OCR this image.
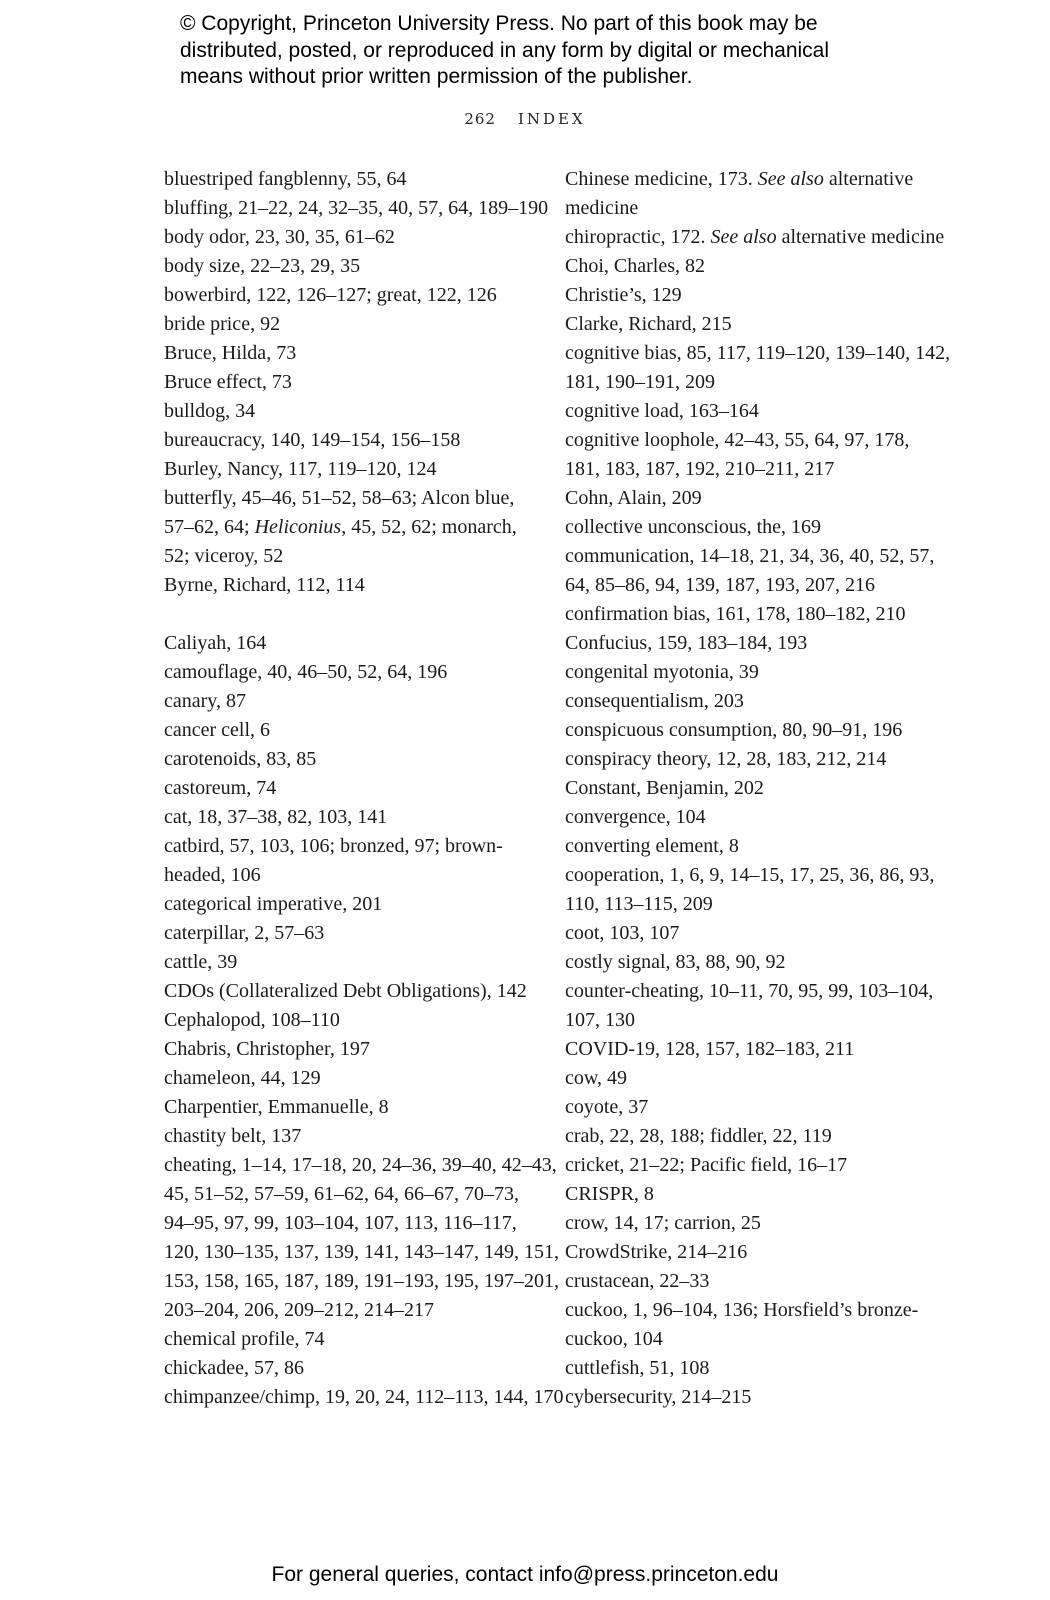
© Copyright, Princeton University Press. No part of this book may be
distributed, posted, or reproduced in any form by digital or mechanical
means without prior written permission of the publisher.
262 INDEX
bluestriped fangblenny, 55, 64
bluffing, 21–22, 24, 32–35, 40, 57, 64, 189–190
body odor, 23, 30, 35, 61–62
body size, 22–23, 29, 35
bowerbird, 122, 126–127; great, 122, 126
bride price, 92
Bruce, Hilda, 73
Bruce effect, 73
bulldog, 34
bureaucracy, 140, 149–154, 156–158
Burley, Nancy, 117, 119–120, 124
butterfly, 45–46, 51–52, 58–63; Alcon blue,
57–62, 64; Heliconius, 45, 52, 62; monarch,
52; viceroy, 52
Byrne, Richard, 112, 114
Caliyah, 164
camouflage, 40, 46–50, 52, 64, 196
canary, 87
cancer cell, 6
carotenoids, 83, 85
castoreum, 74
cat, 18, 37–38, 82, 103, 141
catbird, 57, 103, 106; bronzed, 97; brown-
headed, 106
categorical imperative, 201
caterpillar, 2, 57–63
cattle, 39
CDOs (Collateralized Debt Obligations), 142
Cephalopod, 108–110
Chabris, Christopher, 197
chameleon, 44, 129
Charpentier, Emmanuelle, 8
chastity belt, 137
cheating, 1–14, 17–18, 20, 24–36, 39–40, 42–43,
45, 51–52, 57–59, 61–62, 64, 66–67, 70–73,
94–95, 97, 99, 103–104, 107, 113, 116–117,
120, 130–135, 137, 139, 141, 143–147, 149, 151,
153, 158, 165, 187, 189, 191–193, 195, 197–201,
203–204, 206, 209–212, 214–217
chemical profile, 74
chickadee, 57, 86
chimpanzee/chimp, 19, 20, 24, 112–113, 144, 170
Chinese medicine, 173. See also alternative
medicine
chiropractic, 172. See also alternative medicine
Choi, Charles, 82
Christie’s, 129
Clarke, Richard, 215
cognitive bias, 85, 117, 119–120, 139–140, 142,
181, 190–191, 209
cognitive load, 163–164
cognitive loophole, 42–43, 55, 64, 97, 178,
181, 183, 187, 192, 210–211, 217
Cohn, Alain, 209
collective unconscious, the, 169
communication, 14–18, 21, 34, 36, 40, 52, 57,
64, 85–86, 94, 139, 187, 193, 207, 216
confirmation bias, 161, 178, 180–182, 210
Confucius, 159, 183–184, 193
congenital myotonia, 39
consequentialism, 203
conspicuous consumption, 80, 90–91, 196
conspiracy theory, 12, 28, 183, 212, 214
Constant, Benjamin, 202
convergence, 104
converting element, 8
cooperation, 1, 6, 9, 14–15, 17, 25, 36, 86, 93,
110, 113–115, 209
coot, 103, 107
costly signal, 83, 88, 90, 92
counter-cheating, 10–11, 70, 95, 99, 103–104,
107, 130
COVID-19, 128, 157, 182–183, 211
cow, 49
coyote, 37
crab, 22, 28, 188; fiddler, 22, 119
cricket, 21–22; Pacific field, 16–17
CRISPR, 8
crow, 14, 17; carrion, 25
CrowdStrike, 214–216
crustacean, 22–33
cuckoo, 1, 96–104, 136; Horsfield’s bronze-
cuckoo, 104
cuttlefish, 51, 108
cybersecurity, 214–215
For general queries, contact info@press.princeton.edu
